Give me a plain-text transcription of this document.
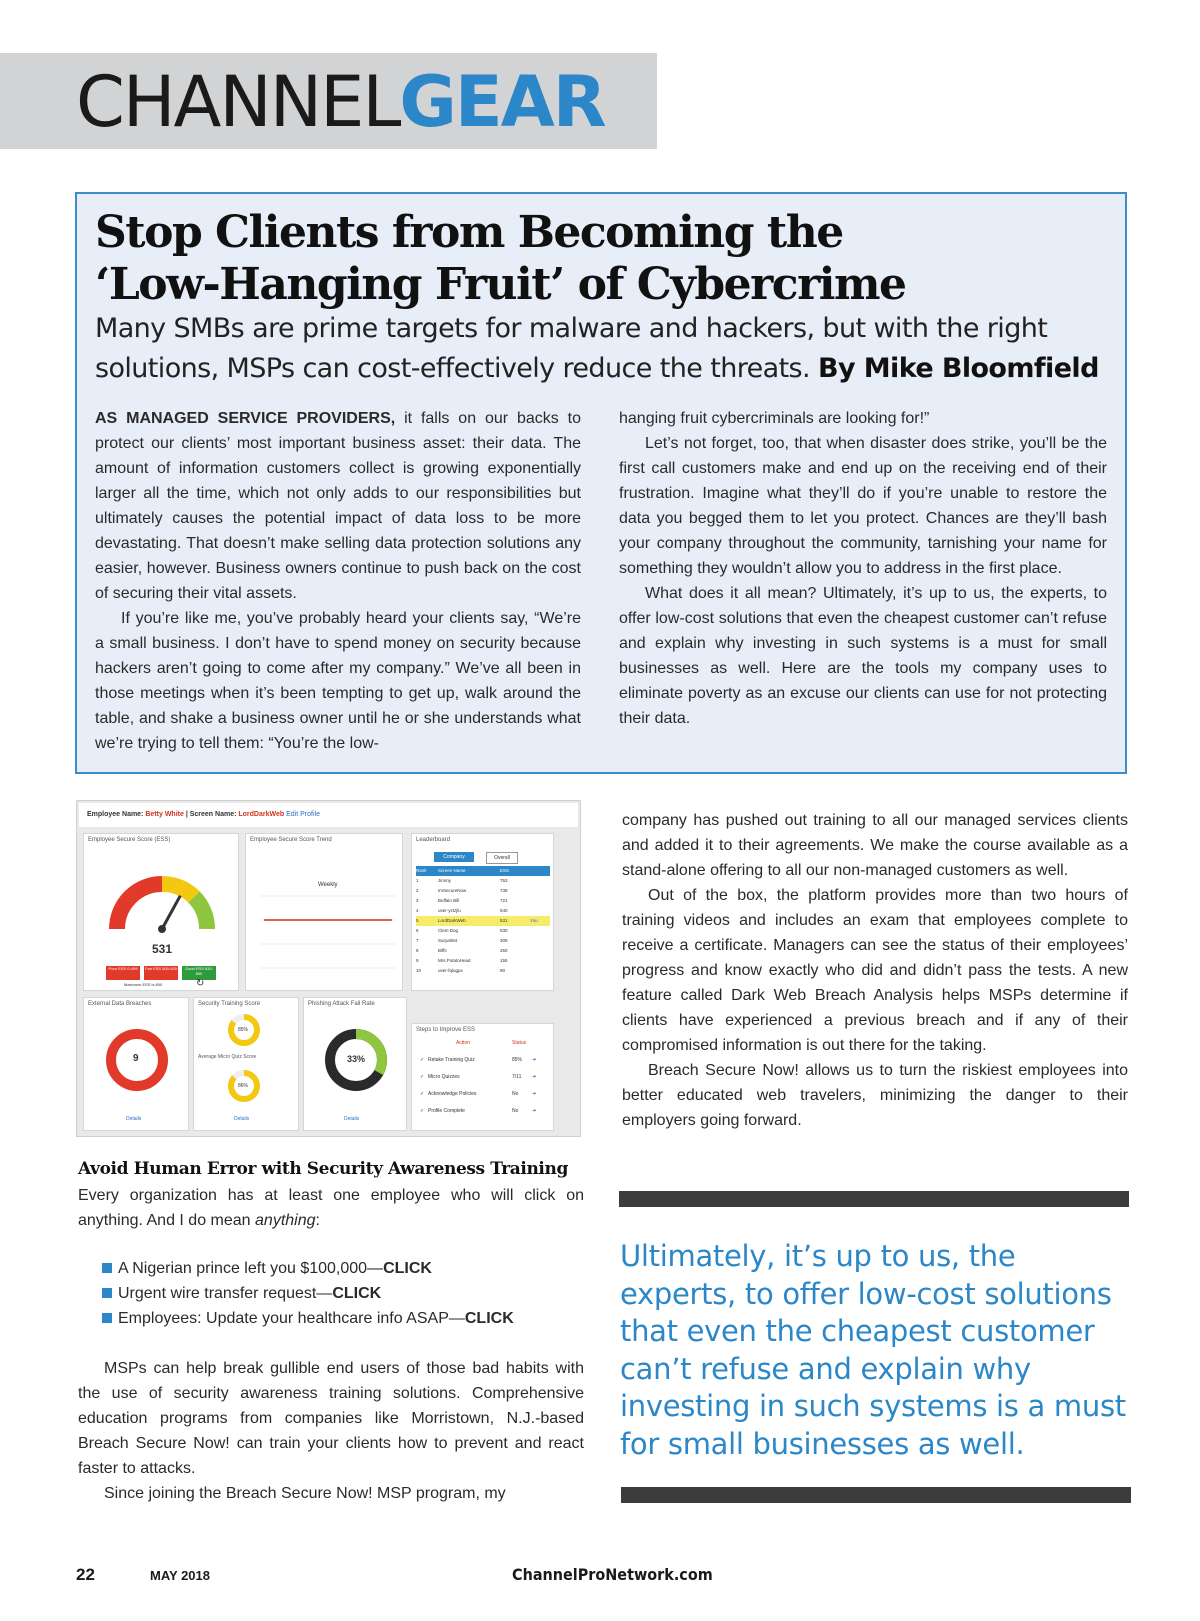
CHANNELGEAR
Stop Clients from Becoming the
‘Low-Hanging Fruit’ of Cybercrime

Many SMBs are prime targets for malware and hackers, but with the right solutions, MSPs can cost-effectively reduce the threats. By Mike Bloomfield

AS MANAGED SERVICE PROVIDERS, it falls on our backs to protect our clients’ most important business asset: their data. The amount of information customers collect is growing exponentially larger all the time, which not only adds to our responsibilities but ultimately causes the potential impact of data loss to be more devastating. That doesn’t make selling data protection solutions any easier, however. Business owners continue to push back on the cost of securing their vital assets.

If you’re like me, you’ve probably heard your clients say, “We’re a small business. I don’t have to spend money on security because hackers aren’t going to come after my company.” We’ve all been in those meetings when it’s been tempting to get up, walk around the table, and shake a business owner until he or she understands what we’re trying to tell them: “You’re the low-

hanging fruit cybercriminals are looking for!”

Let’s not forget, too, that when disaster does strike, you’ll be the first call customers make and end up on the receiving end of their frustration. Imagine what they’ll do if you’re unable to restore the data you begged them to let you protect. Chances are they’ll bash your company throughout the community, tarnishing your name for something they wouldn’t allow you to address in the first place.

What does it all mean? Ultimately, it’s up to us, the experts, to offer low-cost solutions that even the cheapest customer can’t refuse and explain why investing in such systems is a must for small businesses as well. Here are the tools my company uses to eliminate poverty as an excuse our clients can use for not protecting their data.

Employee Name: Betty White | Screen Name: LordDarkWeb Edit Profile
Employee Secure Score (ESS)
531
Poor ESS 0-499	Fair ESS 500-629	Good ESS 630-800
Maximum ESS is 800	↻
Employee Secure Score Trend
Weekly
Leaderboard
Company	Overall
Rank	Screen Name	ESS
1	Jimmy	753
2	ImSecureNow	738
3	Buffalo Bill	721
4	user-yztzjlu	540
5	LordDarkWeb	531	You
6	Clem Dog	530
7	Surya084	309
8	Biffs	250
9	Mrs.PotatoHead	155
10	user-fqlugpx	90
External Data Breaches
9
Details
Security Training Score
85%
Average Micro Quiz Score
86%
Details
Phishing Attack Fail Rate
33%
Details
Steps to Improve ESS
Action	Status
✓ Retake Training Quiz	85%	➜
✓ Micro Quizzes	7/11	➜
✓ Acknowledge Policies	No	➜
✓ Profile Complete	No	➜
Avoid Human Error with Security Awareness Training

Every organization has at least one employee who will click on anything. And I do mean anything:

A Nigerian prince left you $100,000—CLICK
Urgent wire transfer request—CLICK
Employees: Update your healthcare info ASAP—CLICK

MSPs can help break gullible end users of those bad habits with the use of security awareness training solutions. Comprehensive education programs from companies like Morristown, N.J.-based Breach Secure Now! can train your clients how to prevent and react faster to attacks.

Since joining the Breach Secure Now! MSP program, my

company has pushed out training to all our managed services clients and added it to their agreements. We make the course available as a stand-alone offering to all our non-managed customers as well.

Out of the box, the platform provides more than two hours of training videos and includes an exam that employees complete to receive a certificate. Managers can see the status of their employees’ progress and know exactly who did and didn’t pass the tests. A new feature called Dark Web Breach Analysis helps MSPs determine if clients have experienced a previous breach and if any of their compromised information is out there for the taking.

Breach Secure Now! allows us to turn the riskiest employees into better educated web travelers, minimizing the danger to their employers going forward.

Ultimately, it’s up to us, the experts, to offer low-cost solutions that even the cheapest customer can’t refuse and explain why investing in such systems is a must for small businesses as well.

22	MAY 2018	ChannelProNetwork.com
